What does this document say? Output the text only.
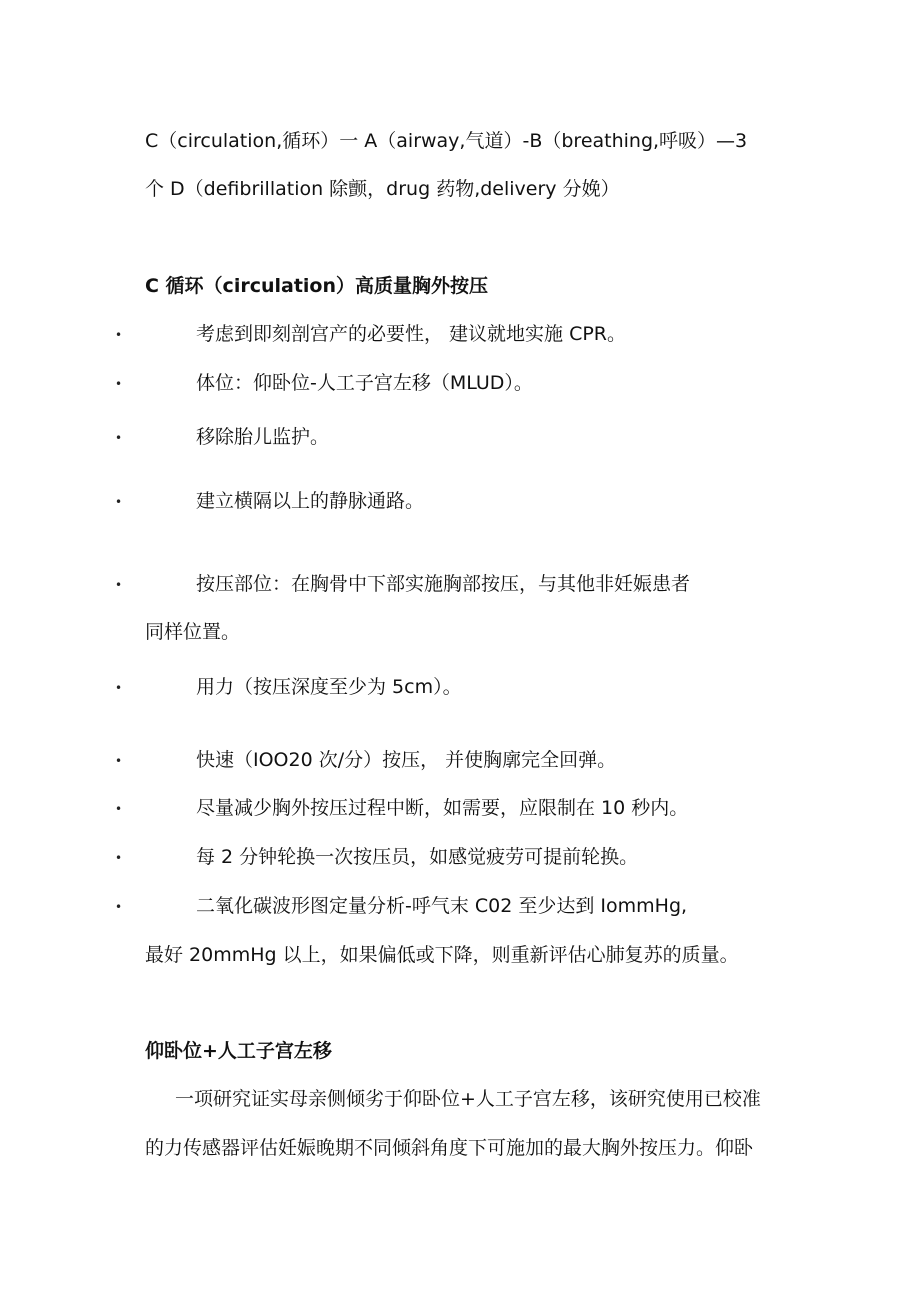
C（circulation,循环）一 A（airway,气道）-B（breathing,呼吸）—3
个 D（defibrillation 除颤，drug 药物,delivery 分娩）
C 循环（circulation）高质量胸外按压
•	考虑到即刻剖宫产的必要性， 建议就地实施 CPR。
•	体位：仰卧位-人工子宫左移（MLUD）。
•	移除胎儿监护。
•	建立横隔以上的静脉通路。
•	按压部位：在胸骨中下部实施胸部按压，与其他非妊娠患者
同样位置。
•	用力（按压深度至少为 5cm）。
•	快速（IOO20 次/分）按压， 并使胸廓完全回弹。
•	尽量减少胸外按压过程中断，如需要，应限制在 10 秒内。
•	每 2 分钟轮换一次按压员，如感觉疲劳可提前轮换。
•	二氧化碳波形图定量分析-呼气末 C02 至少达到 IommHg,
最好 20mmHg 以上，如果偏低或下降，则重新评估心肺复苏的质量。
仰卧位+人工子宫左移
一项研究证实母亲侧倾劣于仰卧位+人工子宫左移，该研究使用已校准
的力传感器评估妊娠晚期不同倾斜角度下可施加的最大胸外按压力。仰卧
